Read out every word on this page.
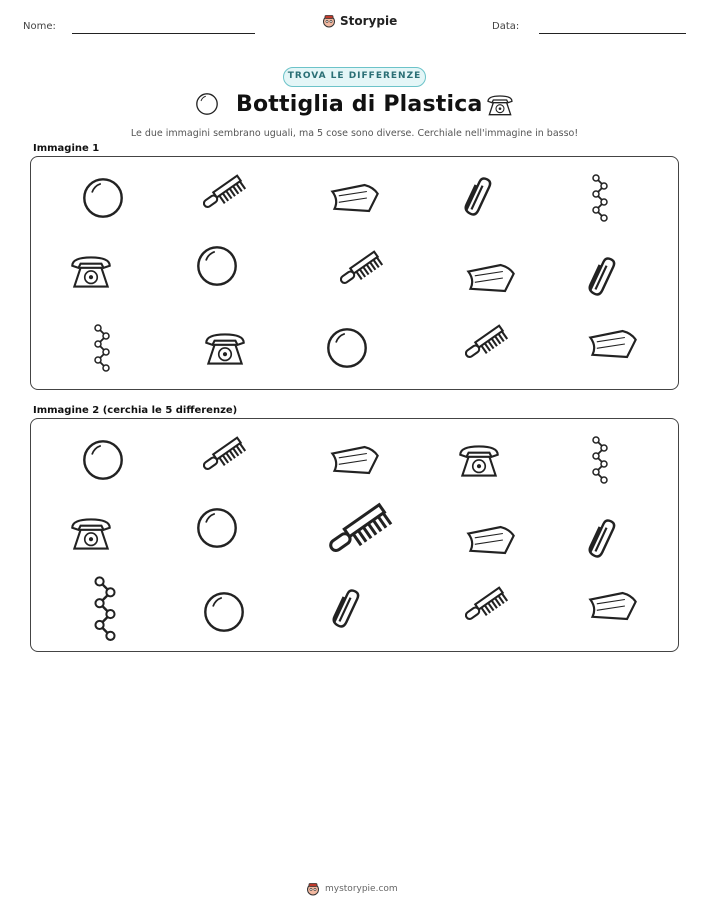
Nome:	Storypie	Data:
TROVA LE DIFFERENZE
Bottiglia di Plastica
Le due immagini sembrano uguali, ma 5 cose sono diverse. Cerchiale nell'immagine in basso!
Immagine 1
Immagine 2 (cerchia le 5 differenze)
mystorypie.com
